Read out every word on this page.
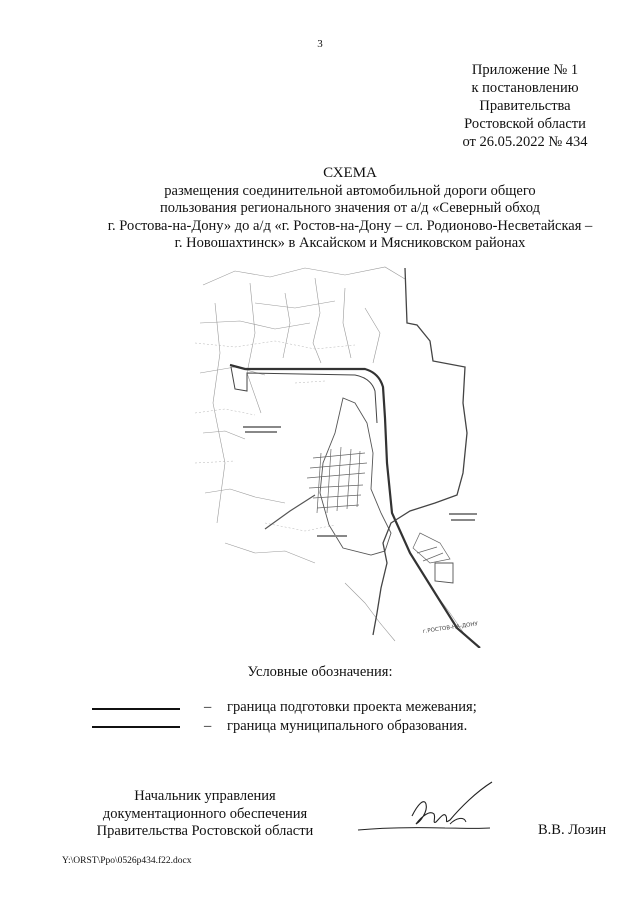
3
Приложение № 1
к постановлению
Правительства
Ростовской области
от 26.05.2022 № 434
СХЕМА
размещения соединительной автомобильной дороги общего
пользования регионального значения от а/д «Северный обход
г. Ростова-на-Дону» до а/д «г. Ростов-на-Дону – сл. Родионово-Несветайская –
г. Новошахтинск» в Аксайском и Мясниковском районах
г.РОСТОВ-НА-ДОНУ
Условные обозначения:
– граница подготовки проекта межевания;
– граница муниципального образования.
Начальник управления
документационного обеспечения
Правительства Ростовской области	В.В. Лозин
Y:\ORST\Ppo\0526p434.f22.docx
